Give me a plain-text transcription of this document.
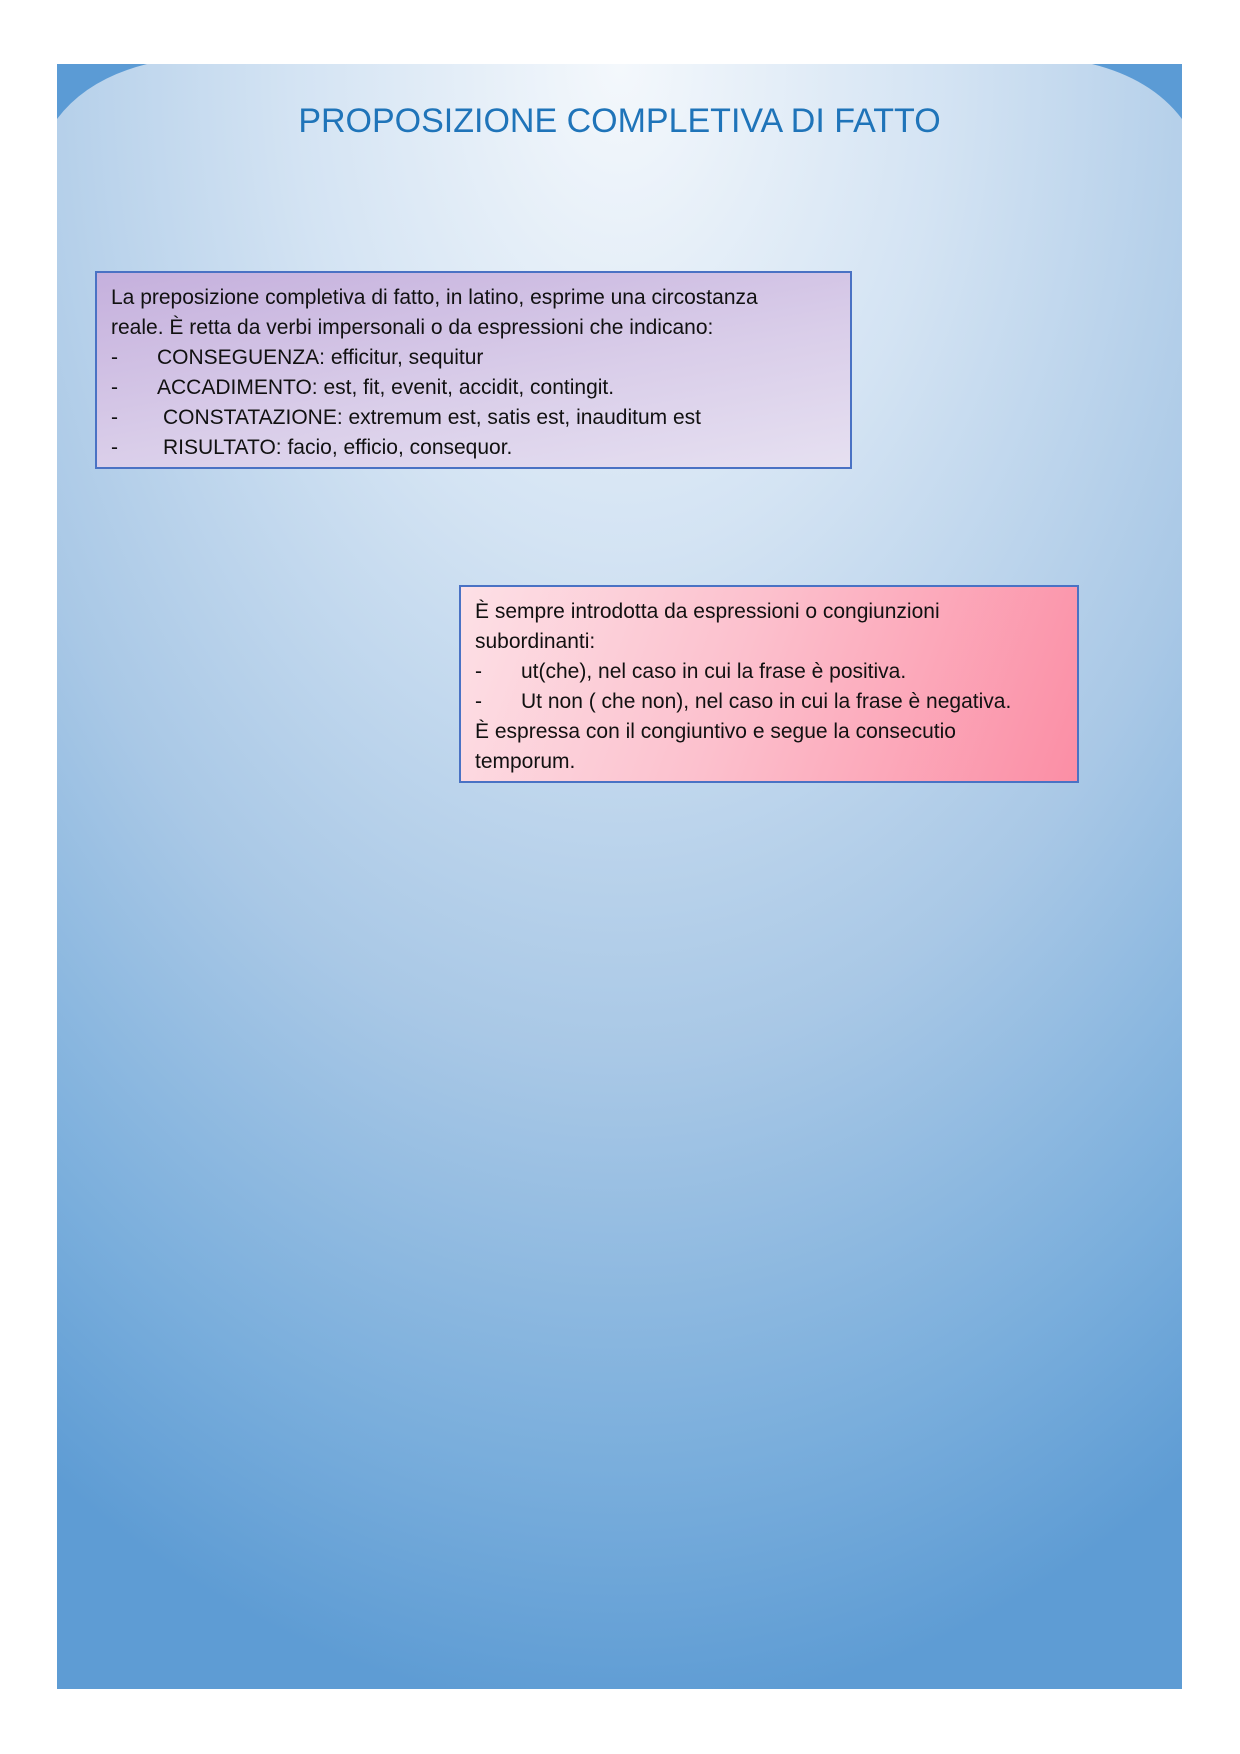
PROPOSIZIONE COMPLETIVA DI FATTO
La preposizione completiva di fatto, in latino, esprime una circostanza
reale. È retta da verbi impersonali o da espressioni che indicano:
-	CONSEGUENZA: efficitur, sequitur
-	ACCADIMENTO: est, fit, evenit, accidit, contingit.
-	CONSTATAZIONE: extremum est, satis est, inauditum est
-	RISULTATO: facio, efficio, consequor.
È sempre introdotta da espressioni o congiunzioni
subordinanti:
-	ut(che), nel caso in cui la frase è positiva.
-	Ut non ( che non), nel caso in cui la frase è negativa.
È espressa con il congiuntivo e segue la consecutio
temporum.
